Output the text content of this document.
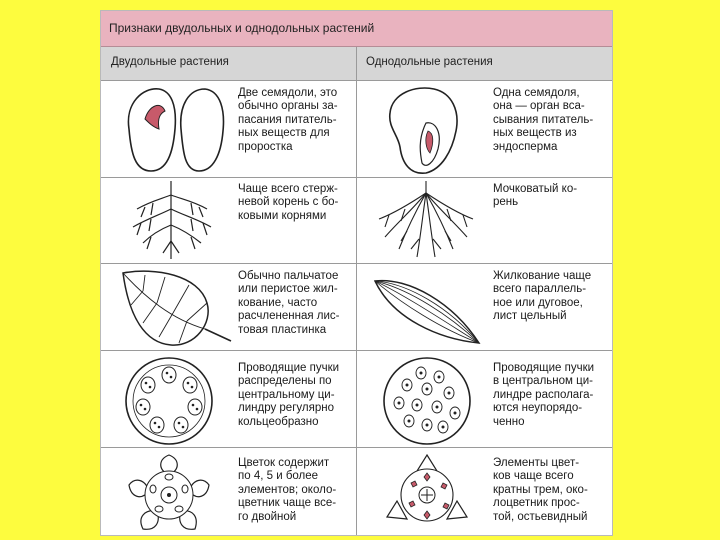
Признаки двудольных и однодольных растений
Двудольные растения	Однодольные растения
Две семядоли, это
обычно органы за-
пасания питатель-
ных веществ для
проростка
Одна семядоля,
она — орган вса-
сывания питатель-
ных веществ из
эндосперма
Чаще всего стерж-
невой корень с бо-
ковыми корнями
Мочковатый ко-
рень
Обычно пальчатое
или перистое жил-
кование, часто
расчлененная лис-
товая пластинка
Жилкование чаще
всего параллель-
ное или дуговое,
лист цельный
Проводящие пучки
распределены по
центральному ци-
линдру регулярно
кольцеобразно
Проводящие пучки
в центральном ци-
линдре располага-
ются неупорядо-
ченно
Цветок содержит
по 4, 5 и более
элементов; около-
цветник чаще все-
го двойной
Элементы цвет-
ков чаще всего
кратны трем, око-
лоцветник прос-
той, остьевидный
